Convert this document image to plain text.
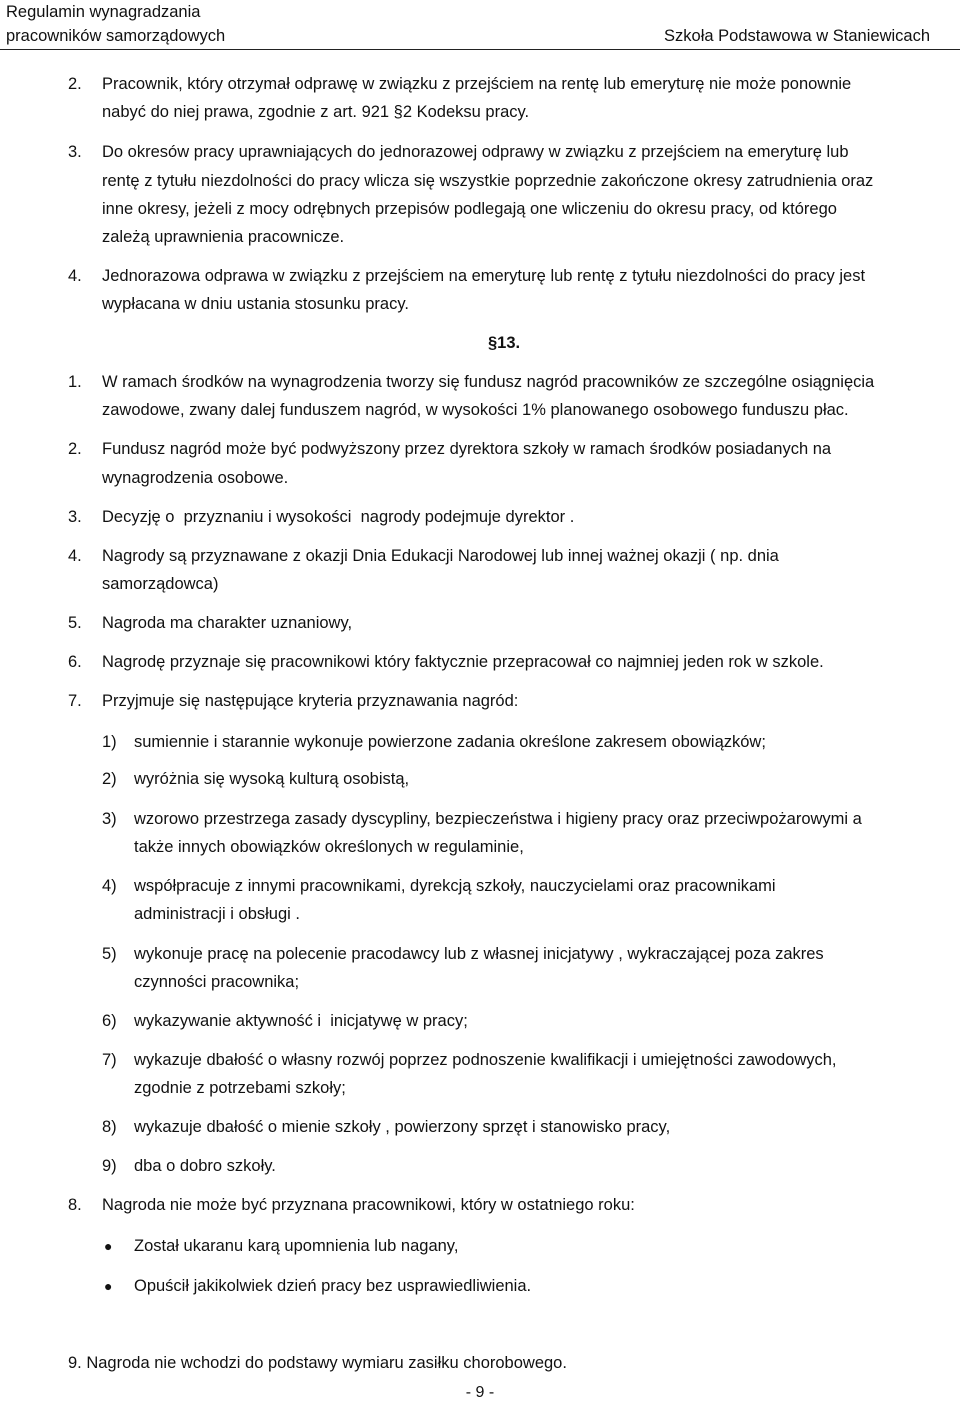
Regulamin wynagradzania
pracowników samorządowych	Szkoła Podstawowa w Staniewicach
2.	Pracownik, który otrzymał odprawę w związku z przejściem na rentę lub emeryturę nie może ponownie
nabyć do niej prawa, zgodnie z art. 921 §2 Kodeksu pracy.
3.	Do okresów pracy uprawniających do jednorazowej odprawy w związku z przejściem na emeryturę lub
rentę z tytułu niezdolności do pracy wlicza się wszystkie poprzednie zakończone okresy zatrudnienia oraz
inne okresy, jeżeli z mocy odrębnych przepisów podlegają one wliczeniu do okresu pracy, od którego
zależą uprawnienia pracownicze.
4.	Jednorazowa odprawa w związku z przejściem na emeryturę lub rentę z tytułu niezdolności do pracy jest
wypłacana w dniu ustania stosunku pracy.
§13.
1.	W ramach środków na wynagrodzenia tworzy się fundusz nagród pracowników ze szczególne osiągnięcia
zawodowe, zwany dalej funduszem nagród, w wysokości 1% planowanego osobowego funduszu płac.
2.	Fundusz nagród może być podwyższony przez dyrektora szkoły w ramach środków posiadanych na
wynagrodzenia osobowe.
3.	Decyzję o  przyznaniu i wysokości  nagrody podejmuje dyrektor .
4.	Nagrody są przyznawane z okazji Dnia Edukacji Narodowej lub innej ważnej okazji ( np. dnia
samorządowca)
5.	Nagroda ma charakter uznaniowy,
6.	Nagrodę przyznaje się pracownikowi który faktycznie przepracował co najmniej jeden rok w szkole.
7.	Przyjmuje się następujące kryteria przyznawania nagród:
1)	sumiennie i starannie wykonuje powierzone zadania określone zakresem obowiązków;
2)	wyróżnia się wysoką kulturą osobistą,
3)	wzorowo przestrzega zasady dyscypliny, bezpieczeństwa i higieny pracy oraz przeciwpożarowymi a
także innych obowiązków określonych w regulaminie,
4)	współpracuje z innymi pracownikami, dyrekcją szkoły, nauczycielami oraz pracownikami
administracji i obsługi .
5)	wykonuje pracę na polecenie pracodawcy lub z własnej inicjatywy , wykraczającej poza zakres
czynności pracownika;
6)	wykazywanie aktywność i  inicjatywę w pracy;
7)	wykazuje dbałość o własny rozwój poprzez podnoszenie kwalifikacji i umiejętności zawodowych,
zgodnie z potrzebami szkoły;
8)	wykazuje dbałość o mienie szkoły , powierzony sprzęt i stanowisko pracy,
9)	dba o dobro szkoły.
8.	Nagroda nie może być przyznana pracownikowi, który w ostatniego roku:
● Został ukaranu karą upomnienia lub nagany,
● Opuścił jakikolwiek dzień pracy bez usprawiedliwienia.
9. Nagroda nie wchodzi do podstawy wymiaru zasiłku chorobowego.
- 9 -
